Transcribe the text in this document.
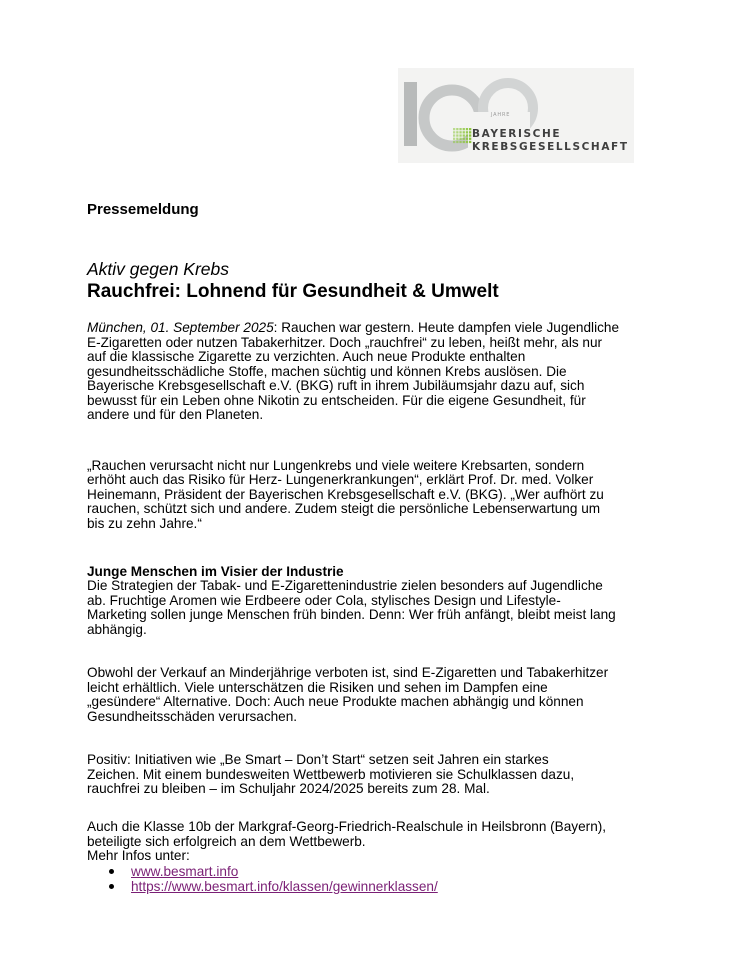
JAHRE
BAYERISCHE
KREBSGESELLSCHAFT
Pressemeldung
Aktiv gegen Krebs
Rauchfrei: Lohnend für Gesundheit & Umwelt
München, 01. September 2025: Rauchen war gestern. Heute dampfen viele Jugendliche
E-Zigaretten oder nutzen Tabakerhitzer. Doch „rauchfrei“ zu leben, heißt mehr, als nur
auf die klassische Zigarette zu verzichten. Auch neue Produkte enthalten
gesundheitsschädliche Stoffe, machen süchtig und können Krebs auslösen. Die
Bayerische Krebsgesellschaft e.V. (BKG) ruft in ihrem Jubiläumsjahr dazu auf, sich
bewusst für ein Leben ohne Nikotin zu entscheiden. Für die eigene Gesundheit, für
andere und für den Planeten.
„Rauchen verursacht nicht nur Lungenkrebs und viele weitere Krebsarten, sondern
erhöht auch das Risiko für Herz- Lungenerkrankungen“, erklärt Prof. Dr. med. Volker
Heinemann, Präsident der Bayerischen Krebsgesellschaft e.V. (BKG). „Wer aufhört zu
rauchen, schützt sich und andere. Zudem steigt die persönliche Lebenserwartung um
bis zu zehn Jahre.“
Junge Menschen im Visier der Industrie
Die Strategien der Tabak- und E-Zigarettenindustrie zielen besonders auf Jugendliche
ab. Fruchtige Aromen wie Erdbeere oder Cola, stylisches Design und Lifestyle-
Marketing sollen junge Menschen früh binden. Denn: Wer früh anfängt, bleibt meist lang
abhängig.
Obwohl der Verkauf an Minderjährige verboten ist, sind E-Zigaretten und Tabakerhitzer
leicht erhältlich. Viele unterschätzen die Risiken und sehen im Dampfen eine
„gesündere“ Alternative. Doch: Auch neue Produkte machen abhängig und können
Gesundheitsschäden verursachen.
Positiv: Initiativen wie „Be Smart – Don’t Start“ setzen seit Jahren ein starkes
Zeichen. Mit einem bundesweiten Wettbewerb motivieren sie Schulklassen dazu,
rauchfrei zu bleiben – im Schuljahr 2024/2025 bereits zum 28. Mal.
Auch die Klasse 10b der Markgraf-Georg-Friedrich-Realschule in Heilsbronn (Bayern),
beteiligte sich erfolgreich an dem Wettbewerb.
Mehr Infos unter:
www.besmart.info
https://www.besmart.info/klassen/gewinnerklassen/
